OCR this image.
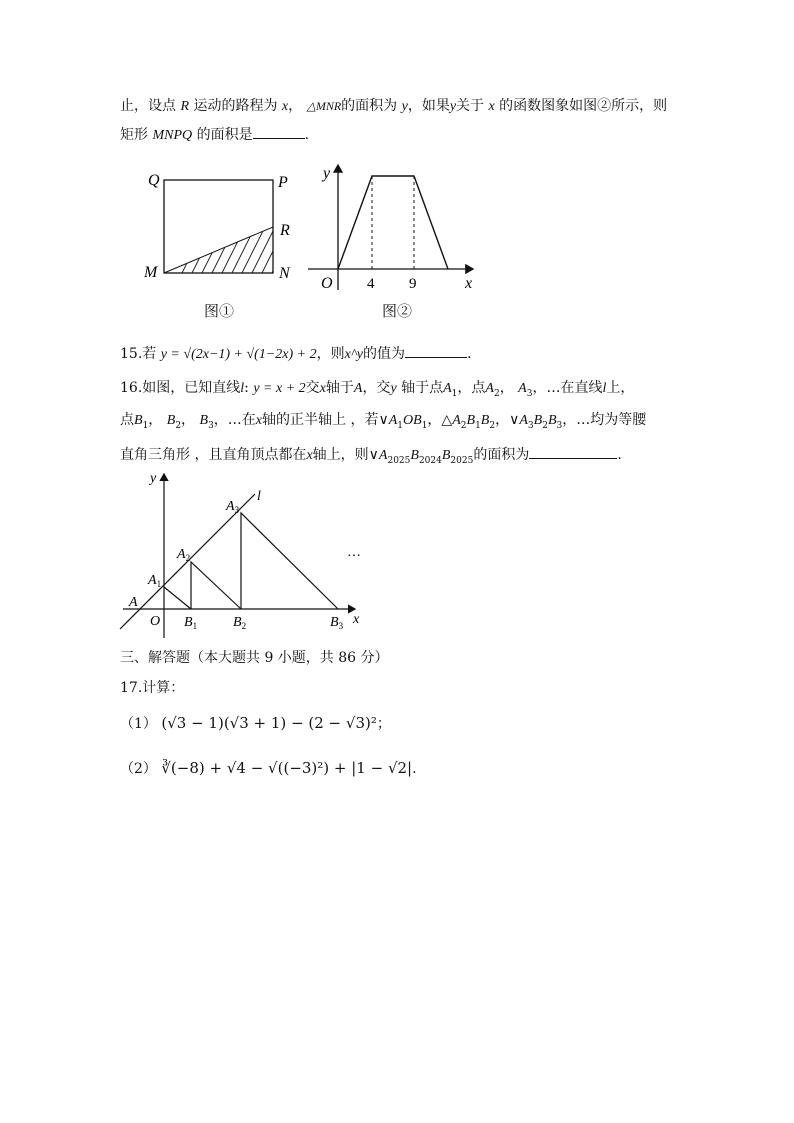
止，设点 R 运动的路程为 x， △MNR的面积为 y，如果y关于 x 的函数图象如图②所示，则
矩形 MNPQ 的面积是	.
Q	P
R
M	N
图①
y
O 4 9	x
图②
15.若 y = √(2x−1) + √(1−2x) + 2，则x^y的值为	.
16.如图，已知直线l: y = x + 2交x轴于A，交y 轴于点$A_1$，点$A_2$， $A_3$，…在直线l上，
点$B_1$， $B_2$， $B_3$，…在x轴的正半轴上 ，若$\vee A_1OB_1$，$\triangle A_2B_1B_2$，$\vee A_3B_2B_3$，…均为等腰
直角三角形 ，且直角顶点都在x轴上，则$\vee A_{2025}B_{2024}B_{2025}$的面积为	.
y
l
$A_3$
$A_2$
$A_1$
A
O $B_1$	$B_2$	$B_3$ x
…
三、解答题（本大题共 9 小题，共 86 分）
17.计算：
（1） (√3 − 1)(√3 + 1) − (2 − √3)²；
（2） ∛(−8) + √4 − √((−3)²) + |1 − √2|.
